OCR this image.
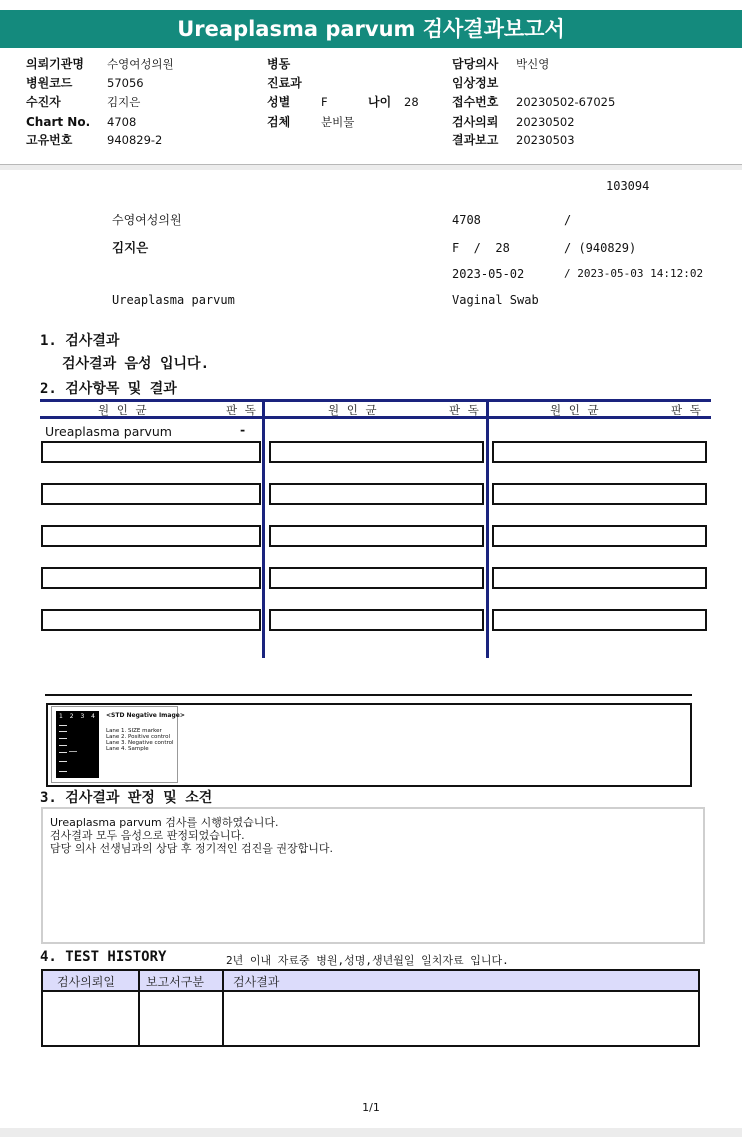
Ureaplasma parvum 검사결과보고서
의뢰기관명 수영여성의원
병원코드	57056
수진자	김지은
Chart No. 4708
고유번호	940829-2
병동
진료과
성별	F	나이 28
검체	분비물
담당의사 박신영
임상정보
접수번호 20230502-67025
검사의뢰 20230502
결과보고 20230503
103094
수영여성의원	4708	/
김지은	F  /  28	/ (940829)
2023-05-02	/ 2023-05-03 14:12:02
Ureaplasma parvum	Vaginal Swab
1. 검사결과
검사결과 음성 입니다.
2. 검사항목 및 결과
원 인 균	판 독	원 인 균	판 독	원 인 균	판 독
Ureaplasma parvum	-
1 2 3 4 <STD Negative Image>
Lane 1. SIZE marker
Lane 2. Positive control
Lane 3. Negative control
Lane 4. Sample
3. 검사결과 판정 및 소견
Ureaplasma parvum 검사를 시행하였습니다.
검사결과 모두 음성으로 판정되었습니다.
담당 의사 선생님과의 상담 후 정기적인 검진을 권장합니다.
4. TEST HISTORY	2년 이내 자료중 병원,성명,생년월일 일치자료 입니다.
검사의뢰일	보고서구분 검사결과
1/1
